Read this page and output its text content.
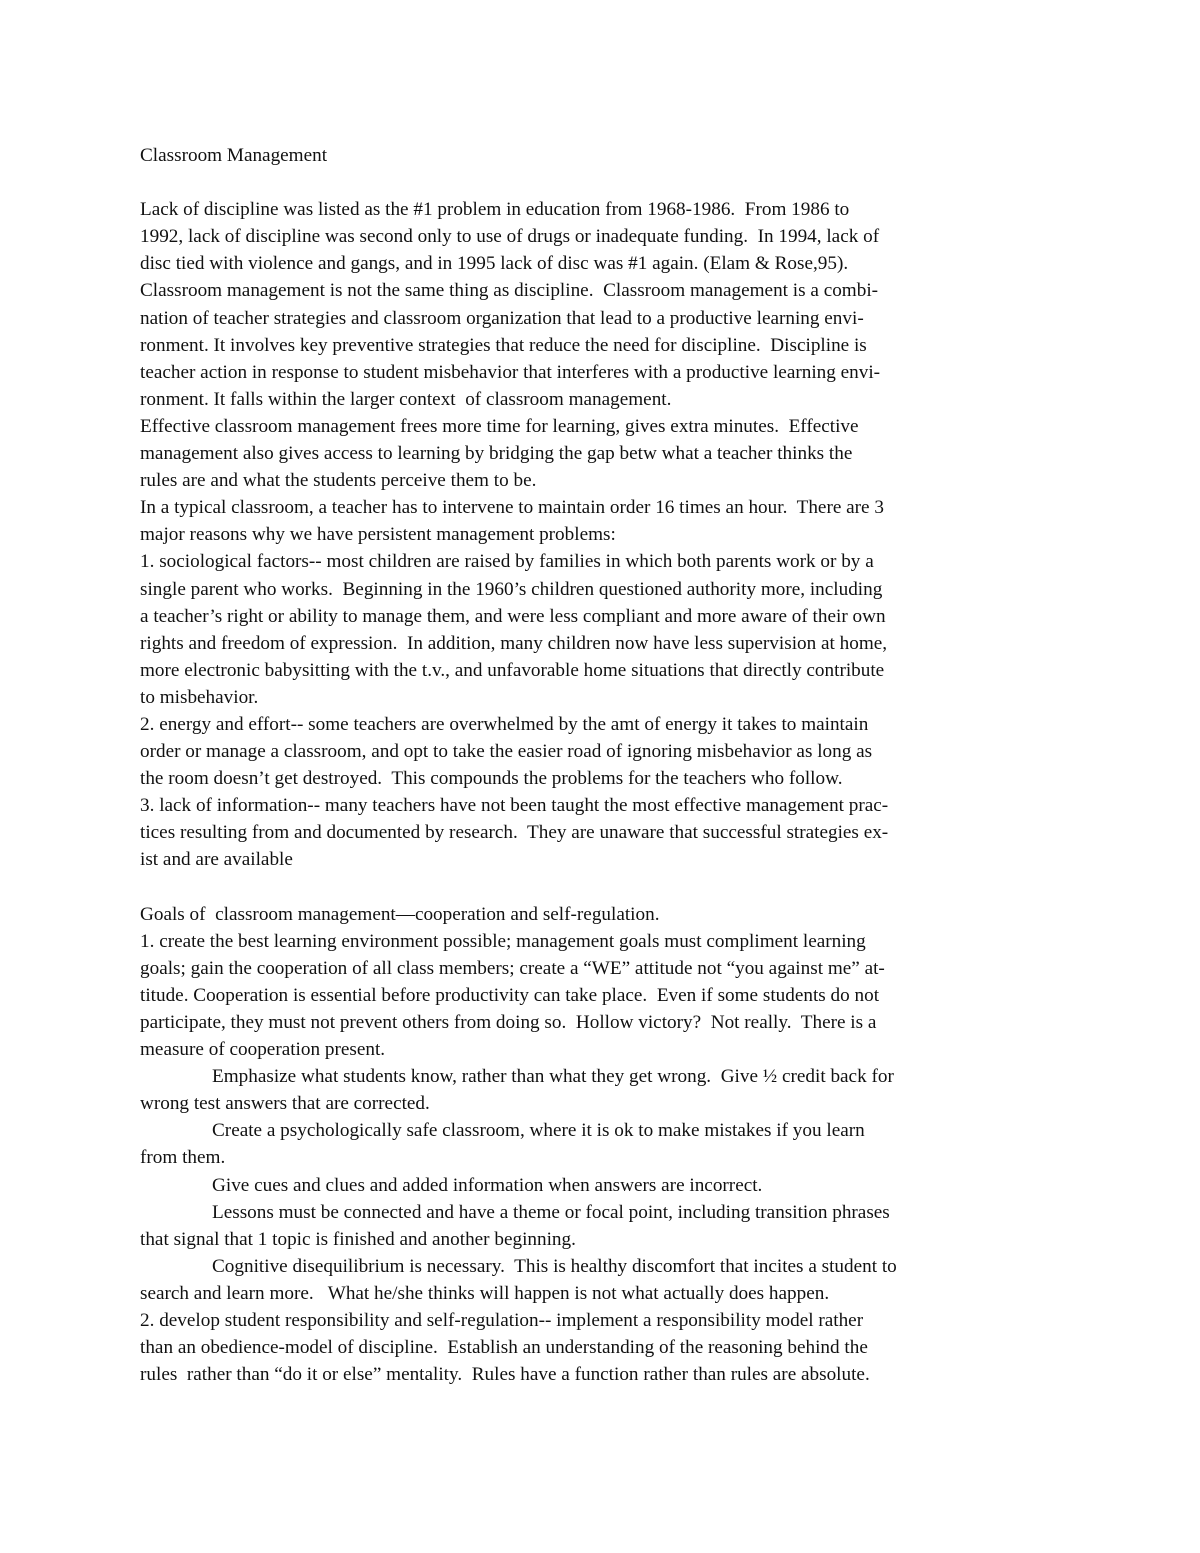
Classroom Management
Lack of discipline was listed as the #1 problem in education from 1968-1986.  From 1986 to
1992, lack of discipline was second only to use of drugs or inadequate funding.  In 1994, lack of
disc tied with violence and gangs, and in 1995 lack of disc was #1 again. (Elam & Rose,95).
Classroom management is not the same thing as discipline.  Classroom management is a combi-
nation of teacher strategies and classroom organization that lead to a productive learning envi-
ronment. It involves key preventive strategies that reduce the need for discipline.  Discipline is
teacher action in response to student misbehavior that interferes with a productive learning envi-
ronment. It falls within the larger context  of classroom management.
Effective classroom management frees more time for learning, gives extra minutes.  Effective
management also gives access to learning by bridging the gap betw what a teacher thinks the
rules are and what the students perceive them to be.
In a typical classroom, a teacher has to intervene to maintain order 16 times an hour.  There are 3
major reasons why we have persistent management problems:
1. sociological factors-- most children are raised by families in which both parents work or by a
single parent who works.  Beginning in the 1960’s children questioned authority more, including
a teacher’s right or ability to manage them, and were less compliant and more aware of their own
rights and freedom of expression.  In addition, many children now have less supervision at home,
more electronic babysitting with the t.v., and unfavorable home situations that directly contribute
to misbehavior.
2. energy and effort-- some teachers are overwhelmed by the amt of energy it takes to maintain
order or manage a classroom, and opt to take the easier road of ignoring misbehavior as long as
the room doesn’t get destroyed.  This compounds the problems for the teachers who follow.
3. lack of information-- many teachers have not been taught the most effective management prac-
tices resulting from and documented by research.  They are unaware that successful strategies ex-
ist and are available
Goals of  classroom management—cooperation and self-regulation.
1. create the best learning environment possible; management goals must compliment learning
goals; gain the cooperation of all class members; create a “WE” attitude not “you against me” at-
titude. Cooperation is essential before productivity can take place.  Even if some students do not
participate, they must not prevent others from doing so.  Hollow victory?  Not really.  There is a
measure of cooperation present.
Emphasize what students know, rather than what they get wrong.  Give ½ credit back for
wrong test answers that are corrected.
Create a psychologically safe classroom, where it is ok to make mistakes if you learn
from them.
Give cues and clues and added information when answers are incorrect.
Lessons must be connected and have a theme or focal point, including transition phrases
that signal that 1 topic is finished and another beginning.
Cognitive disequilibrium is necessary.  This is healthy discomfort that incites a student to
search and learn more.   What he/she thinks will happen is not what actually does happen.
2. develop student responsibility and self-regulation-- implement a responsibility model rather
than an obedience-model of discipline.  Establish an understanding of the reasoning behind the
rules  rather than “do it or else” mentality.  Rules have a function rather than rules are absolute.
